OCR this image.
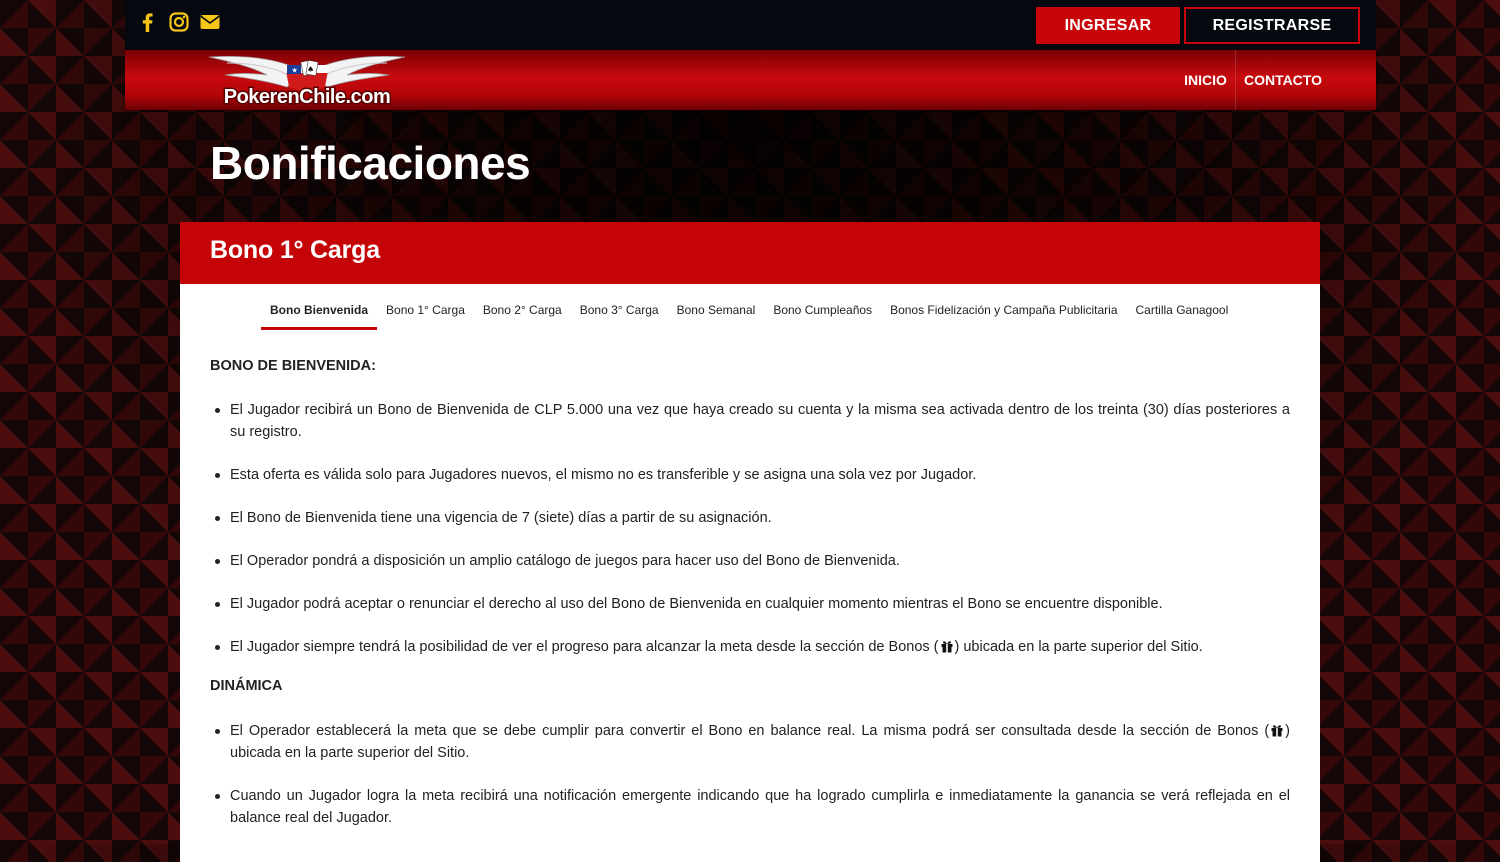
INGRESAR	REGISTRARSE
★ ♠
PokerenChile.com
INICIO	CONTACTO
Bonificaciones
Bono 1° Carga
Bono Bienvenida	Bono 1° Carga	Bono 2° Carga	Bono 3° Carga	Bono Semanal	Bono Cumpleaños	Bonos Fidelización y Campaña Publicitaria	Cartilla Ganagool

BONO DE BIENVENIDA:

El Jugador recibirá un Bono de Bienvenida de CLP 5.000 una vez que haya creado su cuenta y la misma sea activada dentro de los treinta (30) días posteriores a su registro.
Esta oferta es válida solo para Jugadores nuevos, el mismo no es transferible y se asigna una sola vez por Jugador.
El Bono de Bienvenida tiene una vigencia de 7 (siete) días a partir de su asignación.
El Operador pondrá a disposición un amplio catálogo de juegos para hacer uso del Bono de Bienvenida.
El Jugador podrá aceptar o renunciar el derecho al uso del Bono de Bienvenida en cualquier momento mientras el Bono se encuentre disponible.
El Jugador siempre tendrá la posibilidad de ver el progreso para alcanzar la meta desde la sección de Bonos ( ) ubicada en la parte superior del Sitio.

DINÁMICA

El Operador establecerá la meta que se debe cumplir para convertir el Bono en balance real. La misma podrá ser consultada desde la sección de Bonos ( ) ubicada en la parte superior del Sitio.
Cuando un Jugador logra la meta recibirá una notificación emergente indicando que ha logrado cumplirla e inmediatamente la ganancia se verá reflejada en el balance real del Jugador.
